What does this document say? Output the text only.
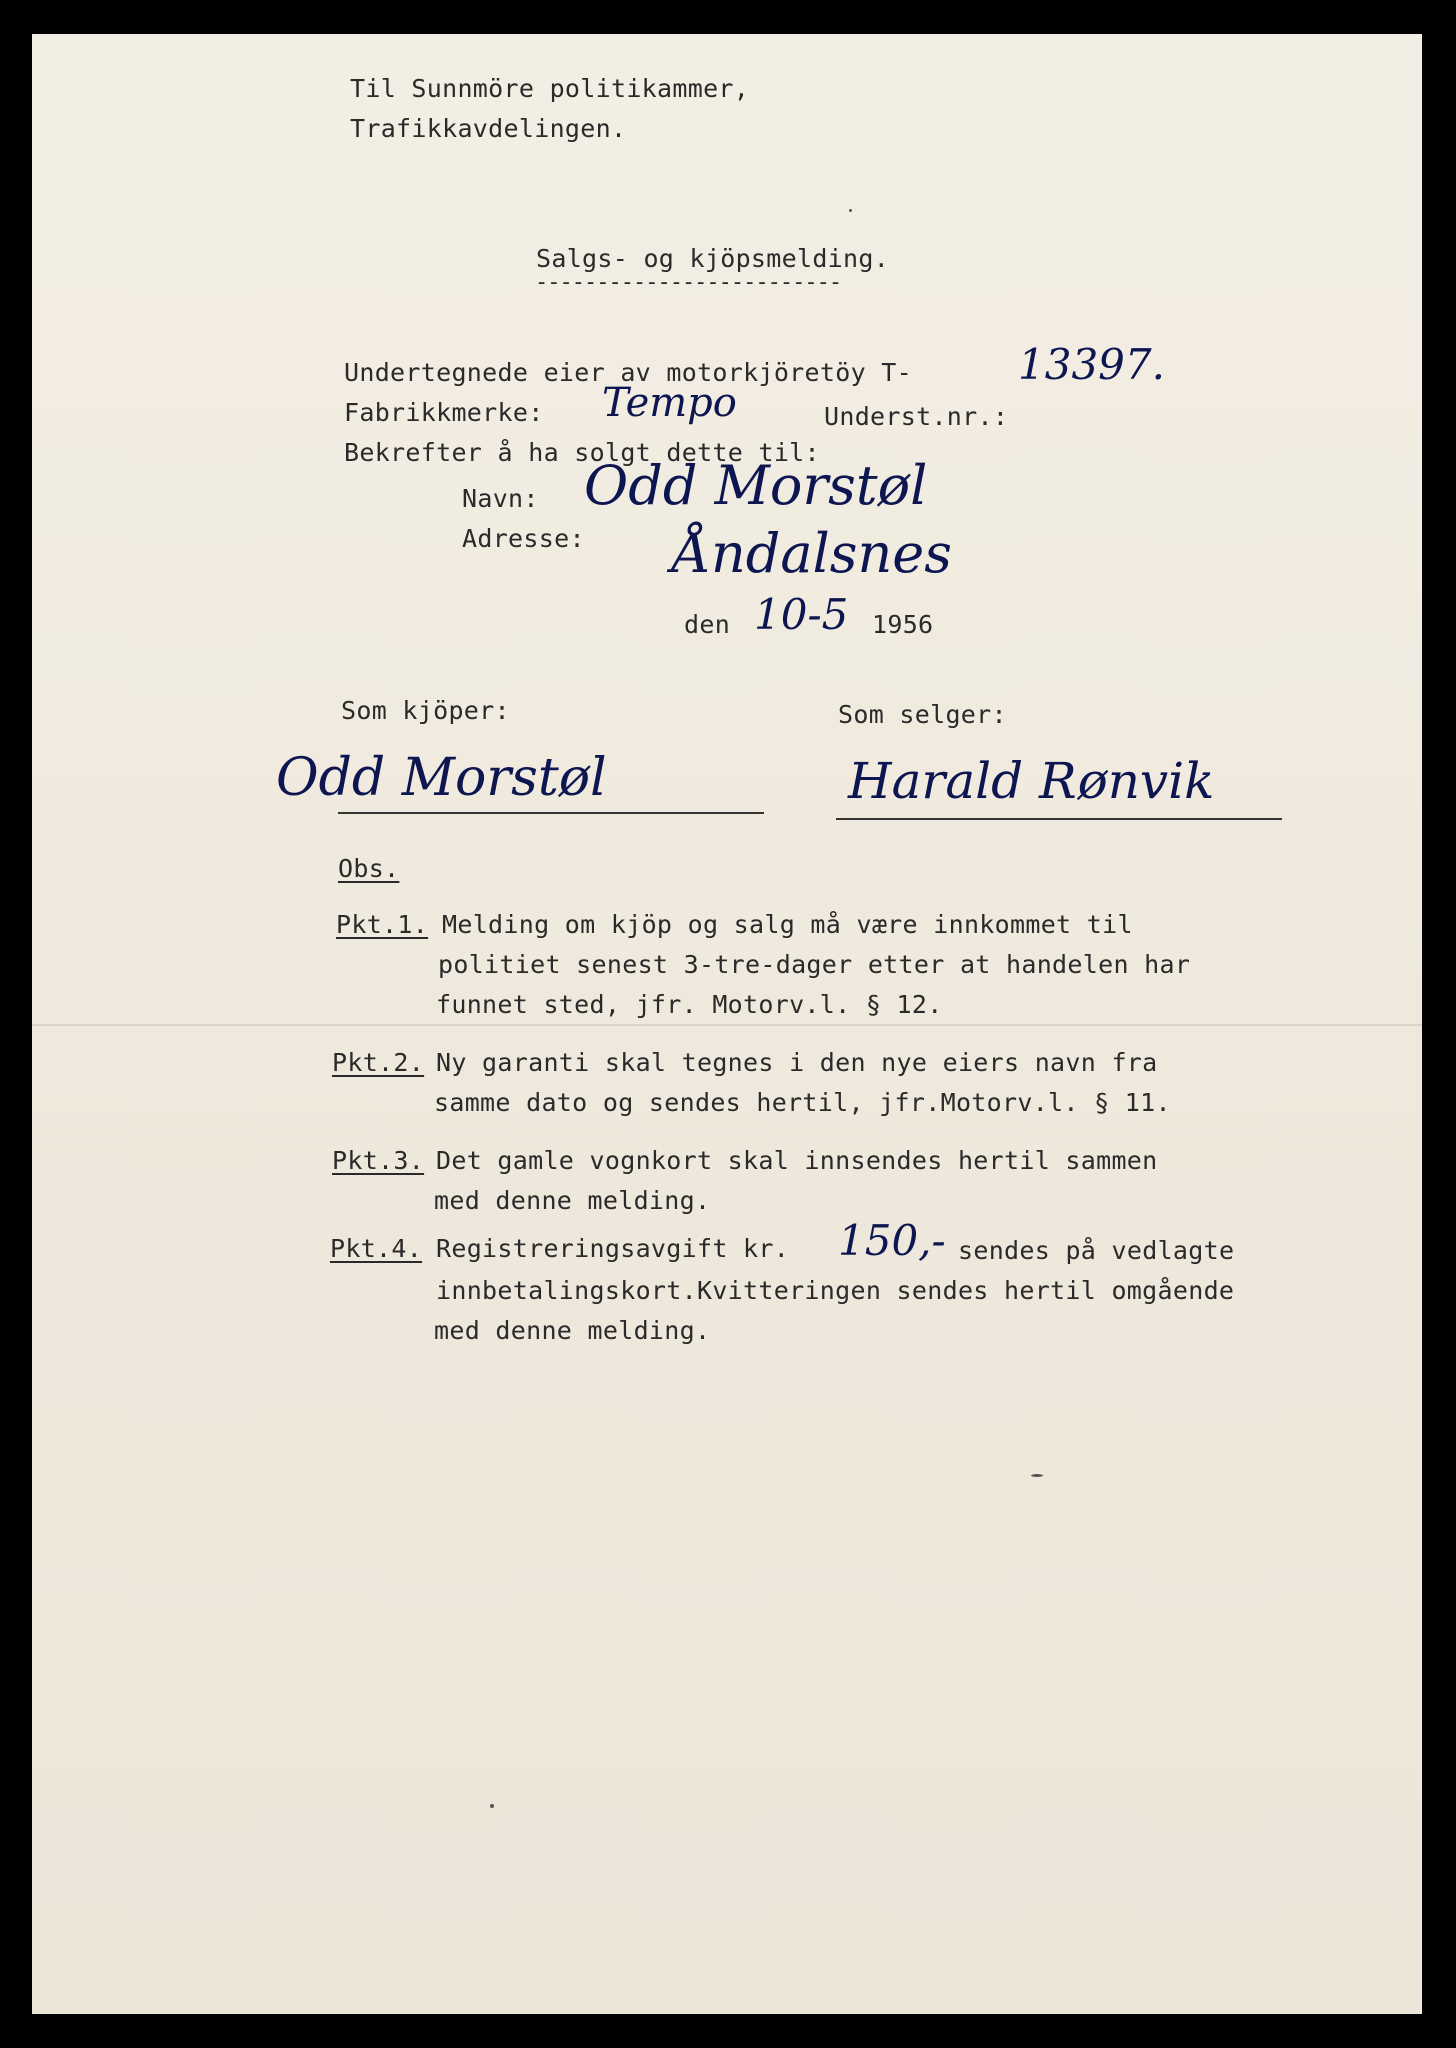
Til Sunnmöre politikammer,
Trafikkavdelingen.
Salgs- og kjöpsmelding.
-------------------------
Undertegnede eier av motorkjöretöy T-	13397.
Fabrikkmerke: Tempo	Underst.nr.:
Bekrefter å ha solgt dette til:
Navn: Odd Morstøl
Adresse: Åndalsnes
den 10-5 1956
Som kjöper:	Som selger:
Odd Morstøl	Harald Rønvik
Obs.
Pkt.1. Melding om kjöp og salg må være innkommet til
politiet senest 3-tre-dager etter at handelen har
funnet sted, jfr. Motorv.l. § 12.
Pkt.2. Ny garanti skal tegnes i den nye eiers navn fra
samme dato og sendes hertil, jfr.Motorv.l. § 11.
Pkt.3. Det gamle vognkort skal innsendes hertil sammen
med denne melding.
Pkt.4. Registreringsavgift kr. 150,- sendes på vedlagte
innbetalingskort.Kvitteringen sendes hertil omgående
med denne melding.
